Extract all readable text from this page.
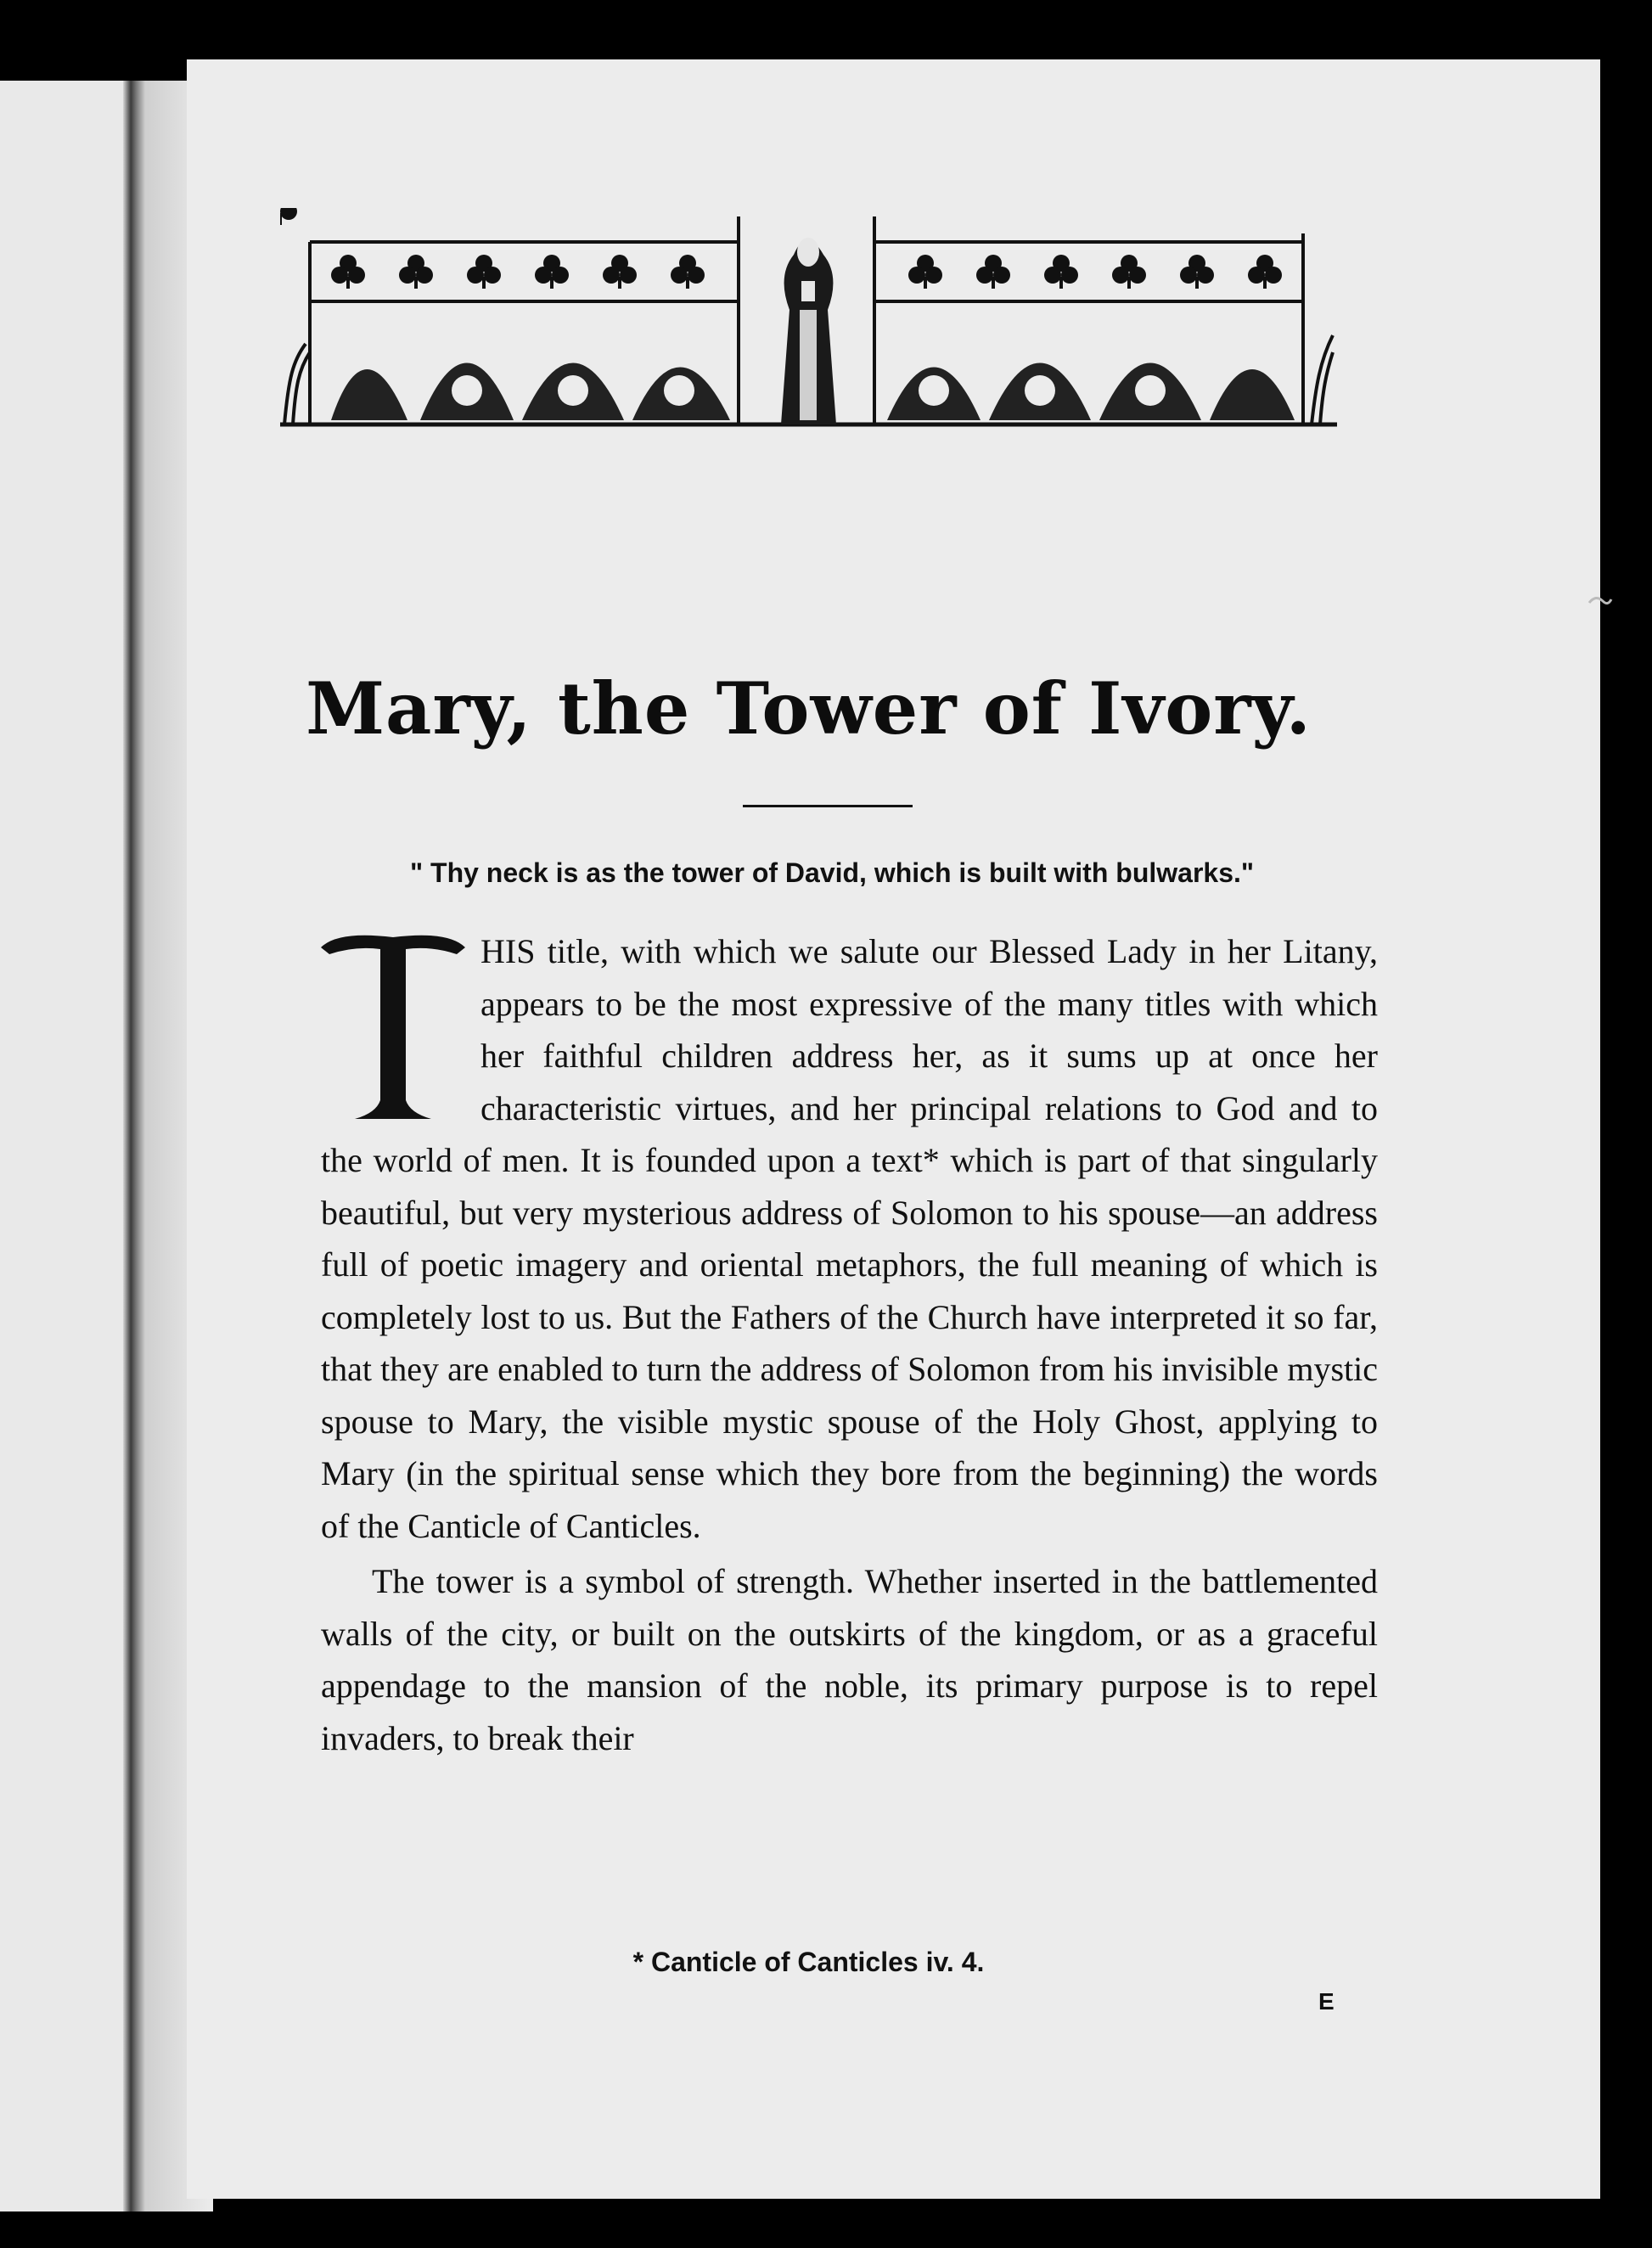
Mary, the Tower of Ivory.
" Thy neck is as the tower of David, which is built with bulwarks."

HIS title, with which we salute our Blessed Lady in her Litany, appears to be the most expressive of the many titles with which her faithful children address her, as it sums up at once her characteristic virtues, and her principal relations to God and to the world of men. It is founded upon a text* which is part of that singularly beautiful, but very mysterious address of Solomon to his spouse—an address full of poetic imagery and oriental metaphors, the full meaning of which is completely lost to us. But the Fathers of the Church have interpreted it so far, that they are enabled to turn the address of Solomon from his invisible mystic spouse to Mary, the visible mystic spouse of the Holy Ghost, applying to Mary (in the spiritual sense which they bore from the beginning) the words of the Canticle of Canticles.

The tower is a symbol of strength. Whether inserted in the battlemented walls of the city, or built on the outskirts of the kingdom, or as a graceful appendage to the mansion of the noble, its primary purpose is to repel invaders, to break their

* Canticle of Canticles iv. 4.
E
